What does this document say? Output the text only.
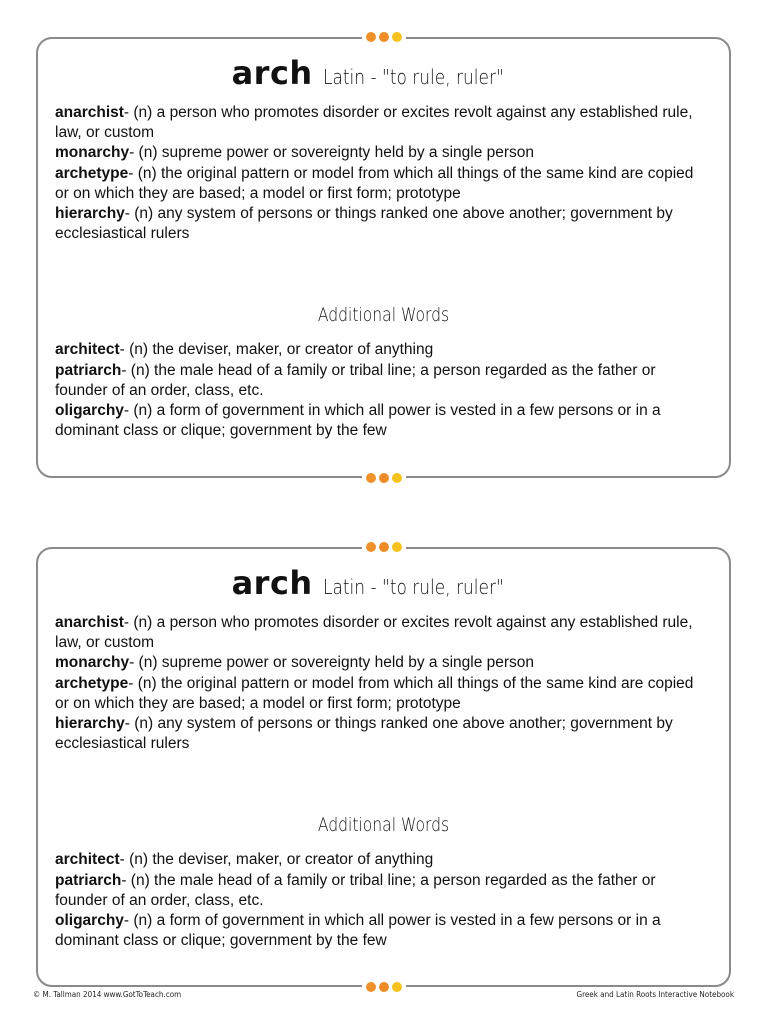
arch Latin - "to rule, ruler"

anarchist- (n) a person who promotes disorder or excites revolt against any established rule, law, or custom

monarchy- (n) supreme power or sovereignty held by a single person

archetype- (n) the original pattern or model from which all things of the same kind are copied or on which they are based; a model or first form; prototype

hierarchy- (n) any system of persons or things ranked one above another; government by ecclesiastical rulers

Additional Words

architect- (n) the deviser, maker, or creator of anything

patriarch- (n) the male head of a family or tribal line; a person regarded as the father or founder of an order, class, etc.

oligarchy- (n) a form of government in which all power is vested in a few persons or in a dominant class or clique; government by the few

arch Latin - "to rule, ruler"

anarchist- (n) a person who promotes disorder or excites revolt against any established rule, law, or custom

monarchy- (n) supreme power or sovereignty held by a single person

archetype- (n) the original pattern or model from which all things of the same kind are copied or on which they are based; a model or first form; prototype

hierarchy- (n) any system of persons or things ranked one above another; government by ecclesiastical rulers

Additional Words

architect- (n) the deviser, maker, or creator of anything

patriarch- (n) the male head of a family or tribal line; a person regarded as the father or founder of an order, class, etc.

oligarchy- (n) a form of government in which all power is vested in a few persons or in a dominant class or clique; government by the few

© M. Tallman 2014 www.GotToTeach.com	Greek and Latin Roots Interactive Notebook
